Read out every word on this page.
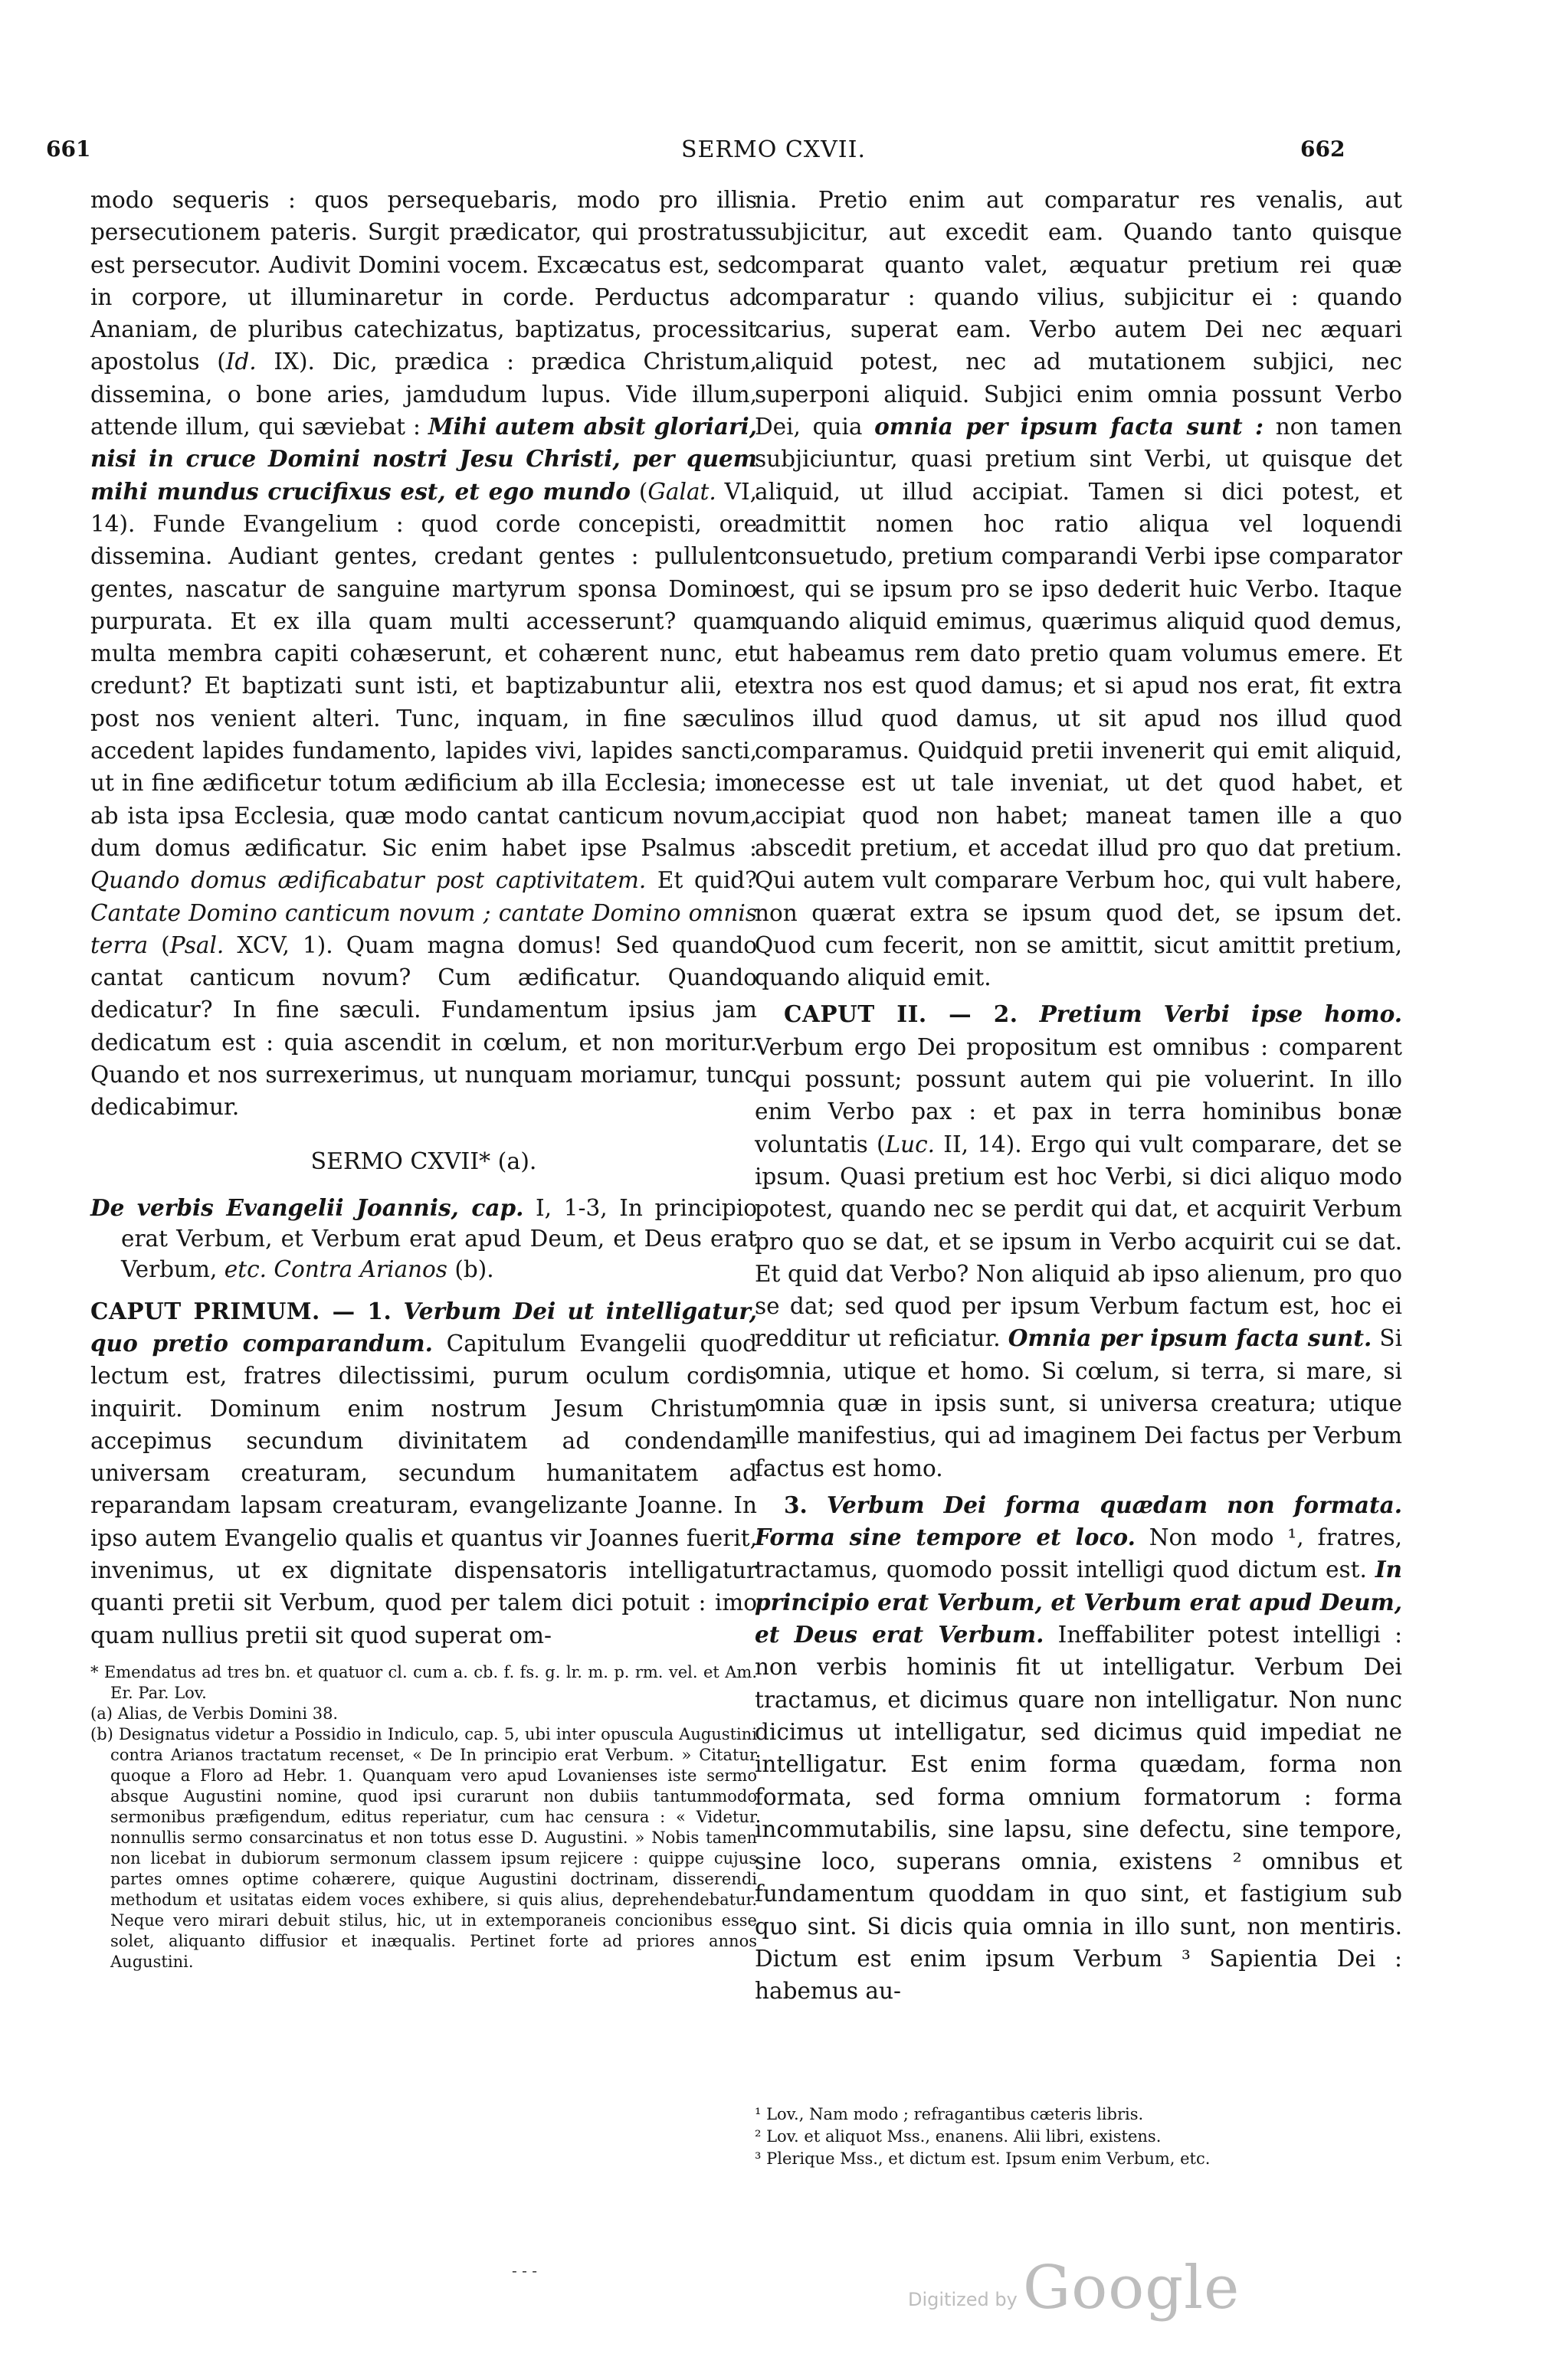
661	SERMO CXVII.	662

modo sequeris : quos persequebaris, modo pro illis persecutionem pateris. Surgit prædicator, qui prostratus est persecutor. Audivit Domini vocem. Excæcatus est, sed in corpore, ut illuminaretur in corde. Perductus ad Ananiam, de pluribus catechizatus, baptizatus, processit apostolus (Id. IX). Dic, prædica : prædica Christum, dissemina, o bone aries, jamdudum lupus. Vide illum, attende illum, qui sæviebat : Mihi autem absit gloriari, nisi in cruce Domini nostri Jesu Christi, per quem mihi mundus crucifixus est, et ego mundo (Galat. VI, 14). Funde Evangelium : quod corde concepisti, ore dissemina. Audiant gentes, credant gentes : pullulent gentes, nascatur de sanguine martyrum sponsa Domino purpurata. Et ex illa quam multi accesserunt? quam multa membra capiti cohæserunt, et cohærent nunc, et credunt? Et baptizati sunt isti, et baptizabuntur alii, et post nos venient alteri. Tunc, inquam, in fine sæculi accedent lapides fundamento, lapides vivi, lapides sancti, ut in fine ædificetur totum ædificium ab illa Ecclesia; imo ab ista ipsa Ecclesia, quæ modo cantat canticum novum, dum domus ædificatur. Sic enim habet ipse Psalmus : Quando domus ædificabatur post captivitatem. Et quid? Cantate Domino canticum novum ; cantate Domino omnis terra (Psal. XCV, 1). Quam magna domus! Sed quando cantat canticum novum? Cum ædificatur. Quando dedicatur? In fine sæculi. Fundamentum ipsius jam dedicatum est : quia ascendit in cœlum, et non moritur. Quando et nos surrexerimus, ut nunquam moriamur, tunc dedicabimur.

SERMO CXVII* (a).

De verbis Evangelii Joannis, cap. I, 1-3, In principio erat Verbum, et Verbum erat apud Deum, et Deus erat Verbum, etc. Contra Arianos (b).

CAPUT PRIMUM. — 1. Verbum Dei ut intelligatur, quo pretio comparandum. Capitulum Evangelii quod lectum est, fratres dilectissimi, purum oculum cordis inquirit. Dominum enim nostrum Jesum Christum accepimus secundum divinitatem ad condendam universam creaturam, secundum humanitatem ad reparandam lapsam creaturam, evangelizante Joanne. In ipso autem Evangelio qualis et quantus vir Joannes fuerit, invenimus, ut ex dignitate dispensatoris intelligatur quanti pretii sit Verbum, quod per talem dici potuit : imo quam nullius pretii sit quod superat om-

* Emendatus ad tres bn. et quatuor cl. cum a. cb. f. fs. g. lr. m. p. rm. vel. et Am. Er. Par. Lov.

(a) Alias, de Verbis Domini 38.

(b) Designatus videtur a Possidio in Indiculo, cap. 5, ubi inter opuscula Augustini contra Arianos tractatum recenset, « De In principio erat Verbum. » Citatur quoque a Floro ad Hebr. 1. Quanquam vero apud Lovanienses iste sermo absque Augustini nomine, quod ipsi curarunt non dubiis tantummodo sermonibus præfigendum, editus reperiatur, cum hac censura : « Videtur nonnullis sermo consarcinatus et non totus esse D. Augustini. » Nobis tamen non licebat in dubiorum sermonum classem ipsum rejicere : quippe cujus partes omnes optime cohærere, quique Augustini doctrinam, disserendi methodum et usitatas eidem voces exhibere, si quis alius, deprehendebatur. Neque vero mirari debuit stilus, hic, ut in extemporaneis concionibus esse solet, aliquanto diffusior et inæqualis. Pertinet forte ad priores annos Augustini.

nia. Pretio enim aut comparatur res venalis, aut subjicitur, aut excedit eam. Quando tanto quisque comparat quanto valet, æquatur pretium rei quæ comparatur : quando vilius, subjicitur ei : quando carius, superat eam. Verbo autem Dei nec æquari aliquid potest, nec ad mutationem subjici, nec superponi aliquid. Subjici enim omnia possunt Verbo Dei, quia omnia per ipsum facta sunt : non tamen subjiciuntur, quasi pretium sint Verbi, ut quisque det aliquid, ut illud accipiat. Tamen si dici potest, et admittit nomen hoc ratio aliqua vel loquendi consuetudo, pretium comparandi Verbi ipse comparator est, qui se ipsum pro se ipso dederit huic Verbo. Itaque quando aliquid emimus, quærimus aliquid quod demus, ut habeamus rem dato pretio quam volumus emere. Et extra nos est quod damus; et si apud nos erat, fit extra nos illud quod damus, ut sit apud nos illud quod comparamus. Quidquid pretii invenerit qui emit aliquid, necesse est ut tale inveniat, ut det quod habet, et accipiat quod non habet; maneat tamen ille a quo abscedit pretium, et accedat illud pro quo dat pretium. Qui autem vult comparare Verbum hoc, qui vult habere, non quærat extra se ipsum quod det, se ipsum det. Quod cum fecerit, non se amittit, sicut amittit pretium, quando aliquid emit.

CAPUT II. — 2. Pretium Verbi ipse homo. Verbum ergo Dei propositum est omnibus : comparent qui possunt; possunt autem qui pie voluerint. In illo enim Verbo pax : et pax in terra hominibus bonæ voluntatis (Luc. II, 14). Ergo qui vult comparare, det se ipsum. Quasi pretium est hoc Verbi, si dici aliquo modo potest, quando nec se perdit qui dat, et acquirit Verbum pro quo se dat, et se ipsum in Verbo acquirit cui se dat. Et quid dat Verbo? Non aliquid ab ipso alienum, pro quo se dat; sed quod per ipsum Verbum factum est, hoc ei redditur ut reficiatur. Omnia per ipsum facta sunt. Si omnia, utique et homo. Si cœlum, si terra, si mare, si omnia quæ in ipsis sunt, si universa creatura; utique ille manifestius, qui ad imaginem Dei factus per Verbum factus est homo.

3. Verbum Dei forma quædam non formata. Forma sine tempore et loco. Non modo ¹, fratres, tractamus, quomodo possit intelligi quod dictum est. In principio erat Verbum, et Verbum erat apud Deum, et Deus erat Verbum. Ineffabiliter potest intelligi : non verbis hominis fit ut intelligatur. Verbum Dei tractamus, et dicimus quare non intelligatur. Non nunc dicimus ut intelligatur, sed dicimus quid impediat ne intelligatur. Est enim forma quædam, forma non formata, sed forma omnium formatorum : forma incommutabilis, sine lapsu, sine defectu, sine tempore, sine loco, superans omnia, existens ² omnibus et fundamentum quoddam in quo sint, et fastigium sub quo sint. Si dicis quia omnia in illo sunt, non mentiris. Dictum est enim ipsum Verbum ³ Sapientia Dei : habemus au-

¹ Lov., Nam modo ; refragantibus cæteris libris.

² Lov. et aliquot Mss., enanens. Alii libri, existens.

³ Plerique Mss., et dictum est. Ipsum enim Verbum, etc.

- - -
Digitized by Google
